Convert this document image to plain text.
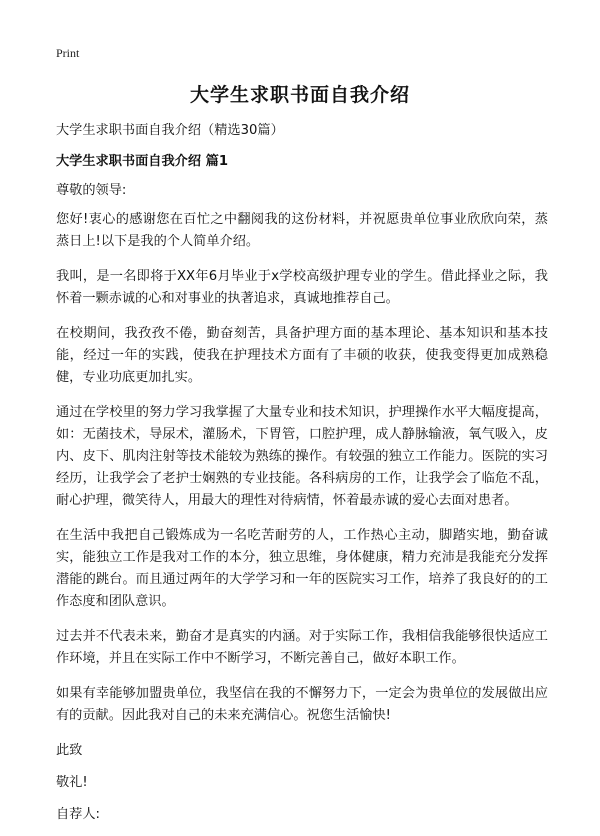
Print
大学生求职书面自我介绍

大学生求职书面自我介绍（精选30篇）

大学生求职书面自我介绍 篇1

尊敬的领导:

您好!衷心的感谢您在百忙之中翻阅我的这份材料，并祝愿贵单位事业欣欣向荣，蒸蒸日上!以下是我的个人简单介绍。

我叫，是一名即将于XX年6月毕业于x学校高级护理专业的学生。借此择业之际，我怀着一颗赤诚的心和对事业的执著追求，真诚地推荐自己。

在校期间，我孜孜不倦，勤奋刻苦，具备护理方面的基本理论、基本知识和基本技能，经过一年的实践，使我在护理技术方面有了丰硕的收获，使我变得更加成熟稳健，专业功底更加扎实。

通过在学校里的努力学习我掌握了大量专业和技术知识，护理操作水平大幅度提高，如：无菌技术，导尿术，灌肠术，下胃管，口腔护理，成人静脉输液，氧气吸入，皮内、皮下、肌肉注射等技术能较为熟练的操作。有较强的独立工作能力。医院的实习经历，让我学会了老护士娴熟的专业技能。各科病房的工作，让我学会了临危不乱，耐心护理，微笑待人，用最大的理性对待病情，怀着最赤诚的爱心去面对患者。

在生活中我把自己锻炼成为一名吃苦耐劳的人，工作热心主动，脚踏实地，勤奋诚实，能独立工作是我对工作的本分，独立思维，身体健康，精力充沛是我能充分发挥潜能的跳台。而且通过两年的大学学习和一年的医院实习工作，培养了我良好的的工作态度和团队意识。

过去并不代表未来，勤奋才是真实的内涵。对于实际工作，我相信我能够很快适应工作环境，并且在实际工作中不断学习，不断完善自己，做好本职工作。

如果有幸能够加盟贵单位，我坚信在我的不懈努力下，一定会为贵单位的发展做出应有的贡献。因此我对自己的未来充满信心。祝您生活愉快!

此致

敬礼!

自荐人:
